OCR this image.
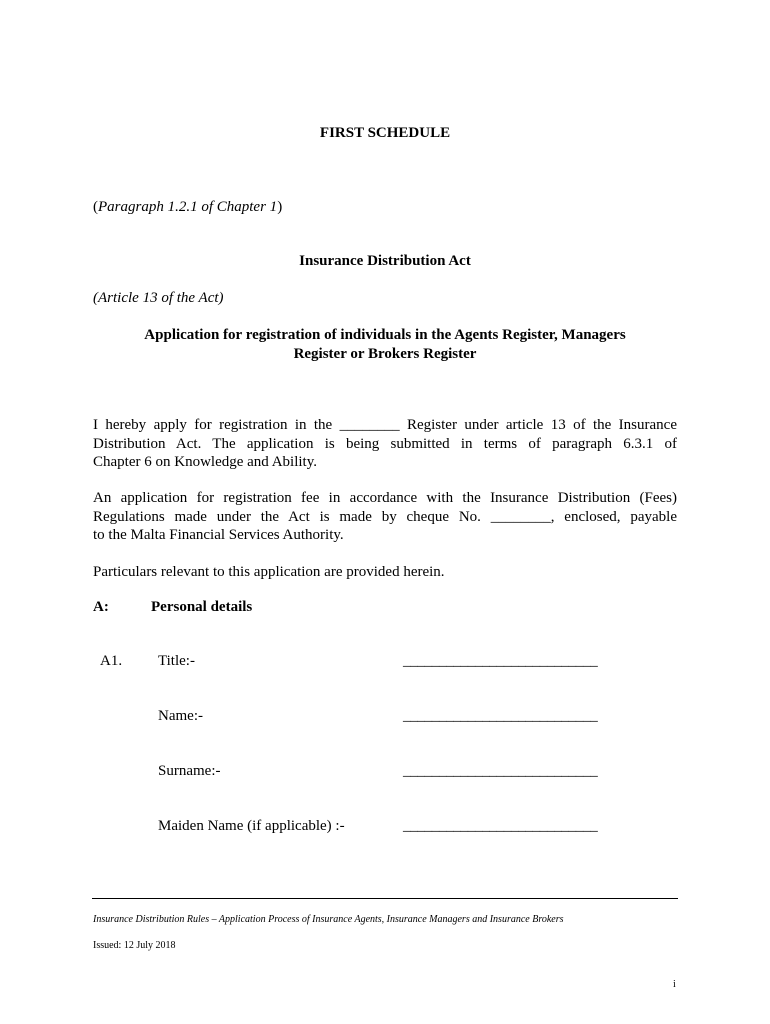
FIRST SCHEDULE
(Paragraph 1.2.1 of Chapter 1)
Insurance Distribution Act
(Article 13 of the Act)
Application for registration of individuals in the Agents Register, Managers
Register or Brokers Register
I hereby apply for registration in the ________ Register under article 13 of the Insurance
Distribution Act. The application is being submitted in terms of paragraph 6.3.1 of
Chapter 6 on Knowledge and Ability.
An application for registration fee in accordance with the Insurance Distribution (Fees)
Regulations made under the Act is made by cheque No. ________, enclosed, payable
to the Malta Financial Services Authority.
Particulars relevant to this application are provided herein.
A:	Personal details
A1. Title:-	___________________________
Name:-	___________________________
Surname:-	___________________________
Maiden Name (if applicable) :-	___________________________
Insurance Distribution Rules – Application Process of Insurance Agents, Insurance Managers and Insurance Brokers
Issued: 12 July 2018
i
